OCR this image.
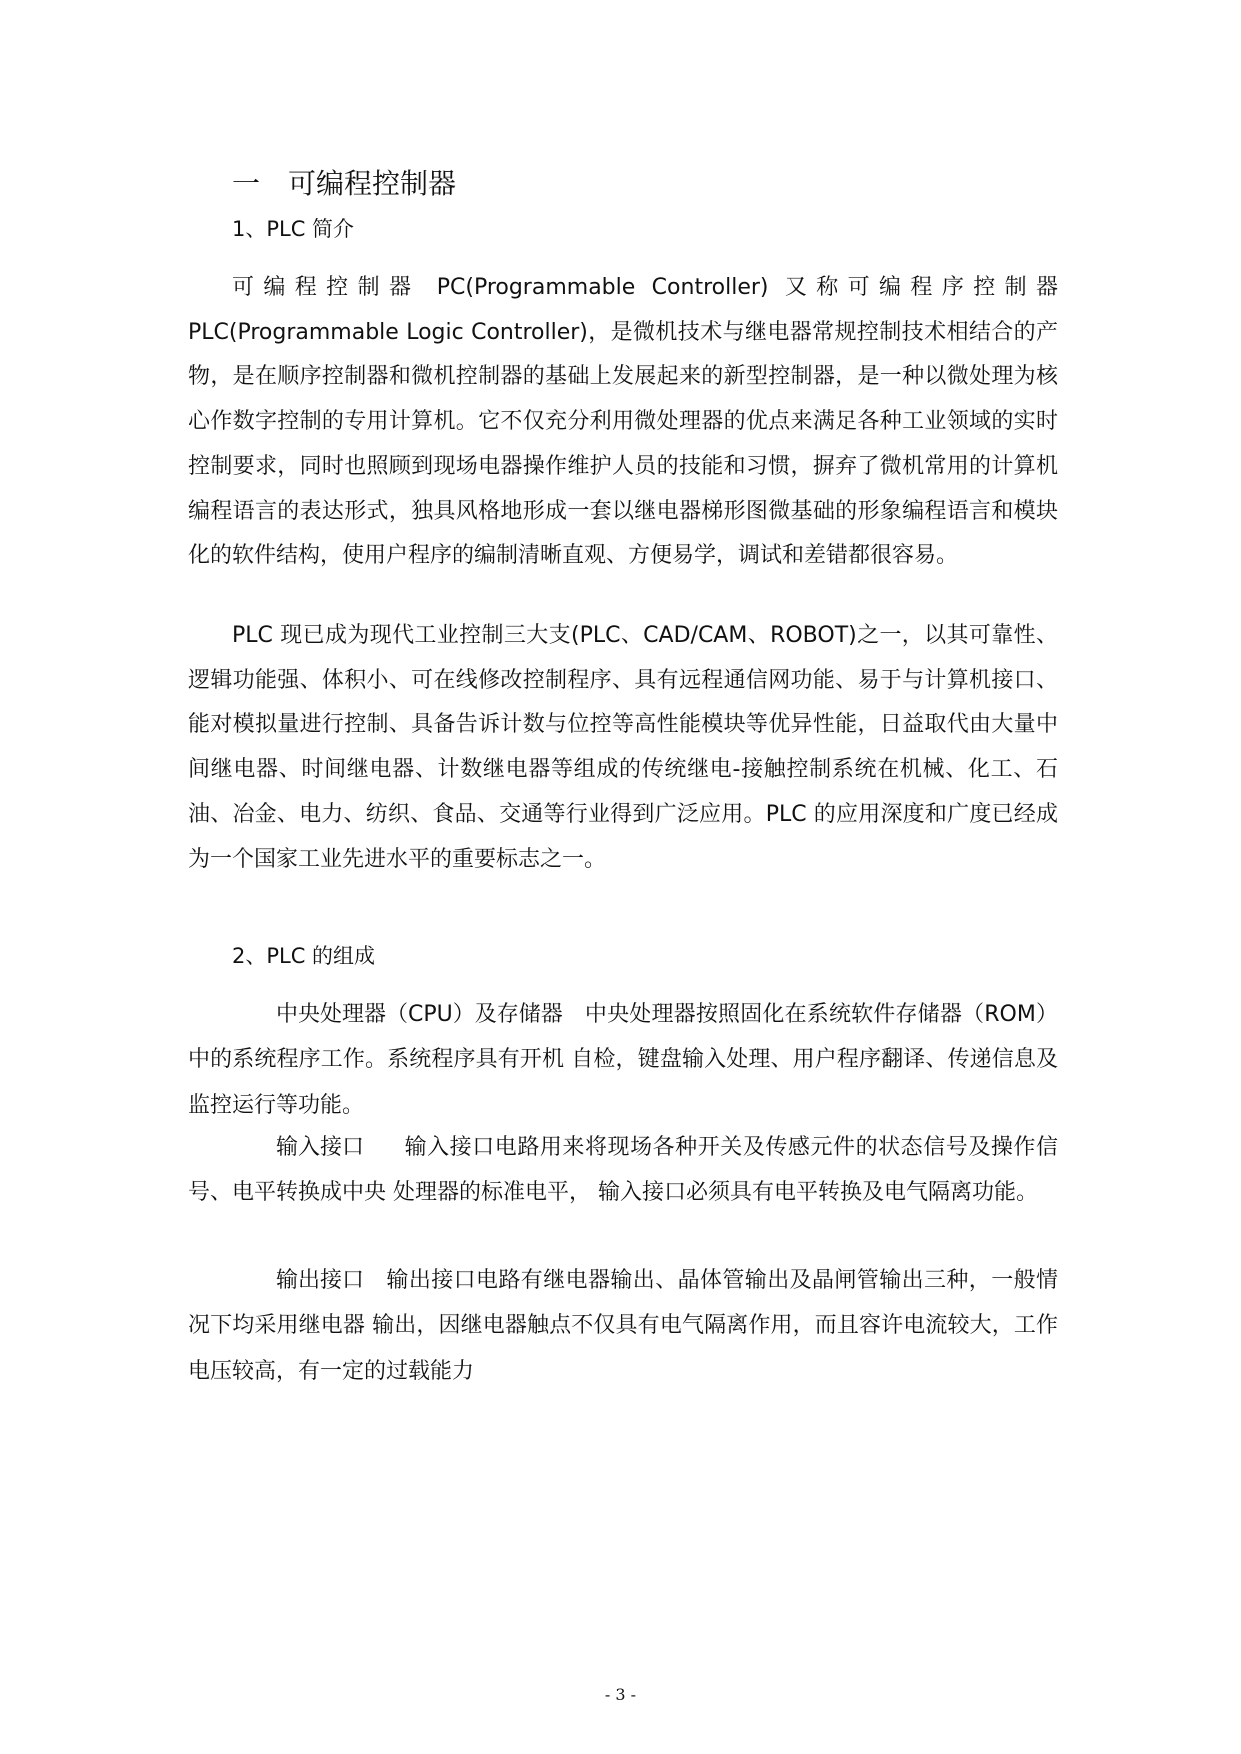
一 可编程控制器
1、PLC 简介

可编程控制器 PC(Programmable Controller) 又称可编程序控制器 PLC(Programmable Logic Controller)，是微机技术与继电器常规控制技术相结合的产物，是在顺序控制器和微机控制器的基础上发展起来的新型控制器，是一种以微处理为核心作数字控制的专用计算机。它不仅充分利用微处理器的优点来满足各种工业领域的实时控制要求，同时也照顾到现场电器操作维护人员的技能和习惯，摒弃了微机常用的计算机编程语言的表达形式，独具风格地形成一套以继电器梯形图微基础的形象编程语言和模块化的软件结构，使用户程序的编制清晰直观、方便易学，调试和差错都很容易。

PLC 现已成为现代工业控制三大支(PLC、CAD/CAM、ROBOT)之一，以其可靠性、逻辑功能强、体积小、可在线修改控制程序、具有远程通信网功能、易于与计算机接口、能对模拟量进行控制、具备告诉计数与位控等高性能模块等优异性能，日益取代由大量中间继电器、时间继电器、计数继电器等组成的传统继电-接触控制系统在机械、化工、石油、冶金、电力、纺织、食品、交通等行业得到广泛应用。PLC 的应用深度和广度已经成为一个国家工业先进水平的重要标志之一。

2、PLC 的组成

中央处理器（CPU）及存储器 中央处理器按照固化在系统软件存储器（ROM）中的系统程序工作。系统程序具有开机 自检，键盘输入处理、用户程序翻译、传递信息及监控运行等功能。

输入接口 输入接口电路用来将现场各种开关及传感元件的状态信号及操作信号、电平转换成中央 处理器的标准电平， 输入接口必须具有电平转换及电气隔离功能。

输出接口 输出接口电路有继电器输出、晶体管输出及晶闸管输出三种，一般情况下均采用继电器 输出，因继电器触点不仅具有电气隔离作用，而且容许电流较大，工作电压较高，有一定的过载能力

- 3 -
